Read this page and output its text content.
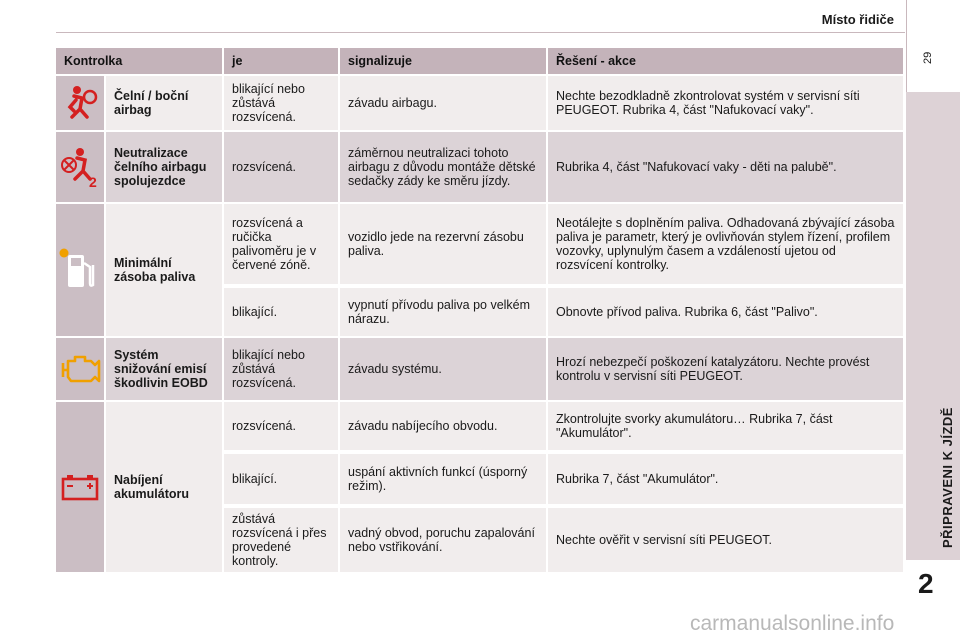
Místo řidiče
29
PŘIPRAVENI K JÍZDĚ
2
carmanualsonline.info
Kontrolka		je	signalizuje	Řešení - akce

	Čelní / boční airbag	blikající nebo zůstává rozsvícená.	závadu airbagu.	Nechte bezodkladně zkontrolovat systém v servisní síti PEUGEOT. Rubrika 4, část "Nafukovací vaky".

2	Neutralizace čelního airbagu spolujezdce	rozsvícená.	záměrnou neutralizaci tohoto airbagu z důvodu montáže dětské sedačky zády ke směru jízdy.	Rubrika 4, část "Nafukovací vaky - děti na palubě".

	Minimální zásoba paliva	rozsvícená a ručička palivoměru je v červené zóně.	vozidlo jede na rezervní zásobu paliva.	Neotálejte s doplněním paliva. Odhadovaná zbývající zásoba paliva je parametr, který je ovlivňován stylem řízení, profilem vozovky, uplynulým časem a vzdáleností ujetou od rozsvícení kontrolky.
		blikající.	vypnutí přívodu paliva po velkém nárazu.	Obnovte přívod paliva. Rubrika 6, část "Palivo".

	Systém snižování emisí škodlivin EOBD	blikající nebo zůstává rozsvícená.	závadu systému.	Hrozí nebezpečí poškození katalyzátoru. Nechte provést kontrolu v servisní síti PEUGEOT.

	Nabíjení akumulátoru	rozsvícená.	závadu nabíjecího obvodu.	Zkontrolujte svorky akumulátoru… Rubrika 7, část "Akumulátor".
		blikající.	uspání aktivních funkcí (úsporný režim).	Rubrika 7, část "Akumulátor".
		zůstává rozsvícená i přes provedené kontroly.	vadný obvod, poruchu zapalování nebo vstřikování.	Nechte ověřit v servisní síti PEUGEOT.
